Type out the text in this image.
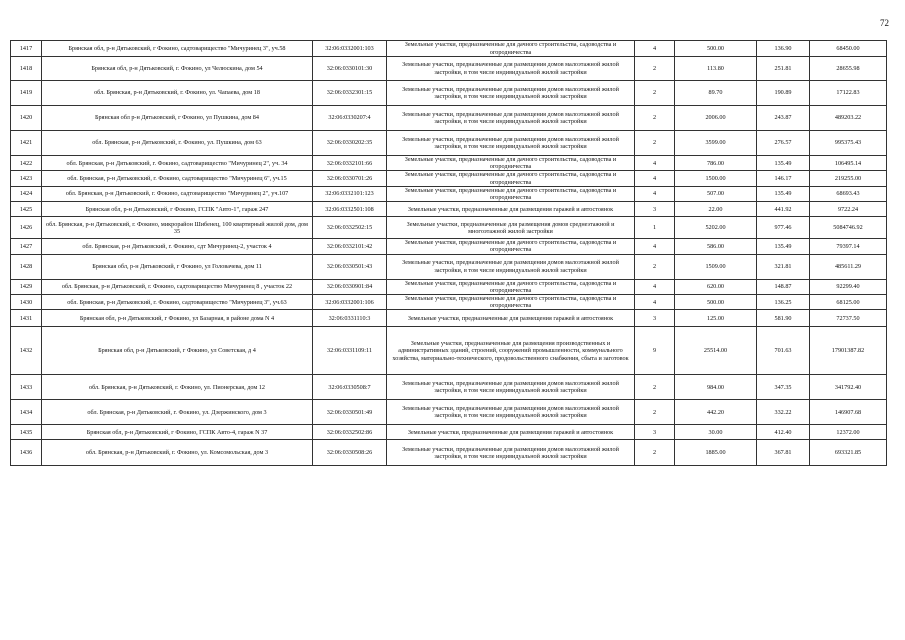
72
1417	Брянская обл, р-н Дятьковский, г Фокино, садтоварищество "Мичуринец 3", уч.58	32:06:0332001:103	Земельные участки, предназначенные для дачного строительства, садоводства и огородничества	4	500.00	136.90	68450.00
1418	Брянская обл, р-н Дятьковский, г. Фокино, ул Челюскина, дом 54	32:06:0330101:30	Земельные участки, предназначенные для размещения домов малоэтажной жилой застройки, в том числе индивидуальной жилой застройки	2	113.80	251.81	28655.98
1419	обл. Брянская, р-н Дятьковский, г. Фокино, ул. Чапаева, дом 18	32:06:0332301:15	Земельные участки, предназначенные для размещения домов малоэтажной жилой застройки, в том числе индивидуальной жилой застройки	2	89.70	190.89	17122.83
1420	Брянская обл р-н Дятьковский, г Фокино, ул Пушкина, дом 84	32:06:0330207:4	Земельные участки, предназначенные для размещения домов малоэтажной жилой застройки, в том числе индивидуальной жилой застройки	2	2006.00	243.87	489203.22
1421	обл. Брянская, р-н Дятьковский, г. Фокино, ул. Пушкина, дом 63	32:06:0330202:35	Земельные участки, предназначенные для размещения домов малоэтажной жилой застройки, в том числе индивидуальной жилой застройки	2	3599.00	276.57	995375.43
1422	обл. Брянская, р-н Дятьковский, г. Фокино, садтоварищество "Мичуринец 2", уч. 34	32:06:0332101:66	Земельные участки, предназначенные для дачного строительства, садоводства и огородничества	4	786.00	135.49	106495.14
1423	обл. Брянская, р-н Дятьковский, г. Фокино, садтоварищество "Мичуринец 6", уч.15	32:06:0330701:26	Земельные участки, предназначенные для дачного строительства, садоводства и огородничества	4	1500.00	146.17	219255.00
1424	обл. Брянская, р-н Дятьковский, г. Фокино, садтоварищество "Мичуринец 2", уч.107	32:06:0332101:123	Земельные участки, предназначенные для дачного строительства, садоводства и огородничества	4	507.00	135.49	68693.43
1425	Брянская обл, р-н Дятьковский, г Фокино, ГСПК "Авто-1", гараж 247	32:06:0332501:108	Земельные участки, предназначенные для размещения гаражей и автостоянок	3	22.00	441.92	9722.24
1426	обл. Брянская, р-н Дятьковский, г. Фокино, микрорайон Шибенец, 100 квартирный жилой дом, дом 35	32:06:0332502:15	Земельные участки, предназначенные для размещения домов среднеэтажной и многоэтажной жилой застройки	1	5202.00	977.46	5084746.92
1427	обл. Брянская, р-н Дятьковский, г. Фокино, сдт Мичуринец-2, участок 4	32:06:0332101:42	Земельные участки, предназначенные для дачного строительства, садоводства и огородничества	4	586.00	135.49	79397.14
1428	Брянская обл, р-н Дятьковский, г Фокино, ул Головачева, дом 11	32:06:0330501:43	Земельные участки, предназначенные для размещения домов малоэтажной жилой застройки, в том числе индивидуальной жилой застройки	2	1509.00	321.81	485611.29
1429	обл. Брянская, р-н Дятьковский, г. Фокино, садтоварищество Мичуринец 8 , участок 22	32:06:0330901:84	Земельные участки, предназначенные для дачного строительства, садоводства и огородничества	4	620.00	148.87	92299.40
1430	обл. Брянская, р-н Дятьковский, г. Фокино, садтоварищество "Мичуринец 3", уч.63	32:06:0332001:106	Земельные участки, предназначенные для дачного строительства, садоводства и огородничества	4	500.00	136.25	68125.00
1431	Брянская обл, р-н Дятьковский, г Фокино, ул Базарная, в районе дома N 4	32:06:0331110:3	Земельные участки, предназначенные для размещения гаражей и автостоянок	3	125.00	581.90	72737.50
1432	Брянская обл, р-н Дятьковский, г Фокино, ул Советская, д 4	32:06:0331109:11	Земельные участки, предназначенные для размещения производственных и административных зданий, строений, сооружений промышленности, коммунального хозяйства, материально-технического, продовольственного снабжения, сбыта и заготовок	9	25514.00	701.63	17901387.82
1433	обл. Брянская, р-н Дятьковский, г. Фокино, ул. Пионерская, дом 12	32:06:0330508:7	Земельные участки, предназначенные для размещения домов малоэтажной жилой застройки, в том числе индивидуальной жилой застройки	2	984.00	347.35	341792.40
1434	обл. Брянская, р-н Дятьковский, г. Фокино, ул. Дзержинского, дом 3	32:06:0330501:49	Земельные участки, предназначенные для размещения домов малоэтажной жилой застройки, в том числе индивидуальной жилой застройки	2	442.20	332.22	146907.68
1435	Брянская обл, р-н Дятьковский, г Фокино, ГСПК Авто-4, гараж N 37	32:06:0332502:86	Земельные участки, предназначенные для размещения гаражей и автостоянок	3	30.00	412.40	12372.00
1436	обл. Брянская, р-н Дятьковский, г. Фокино, ул. Комсомольская, дом 3	32:06:0330508:26	Земельные участки, предназначенные для размещения домов малоэтажной жилой застройки, в том числе индивидуальной жилой застройки	2	1885.00	367.81	693321.85
